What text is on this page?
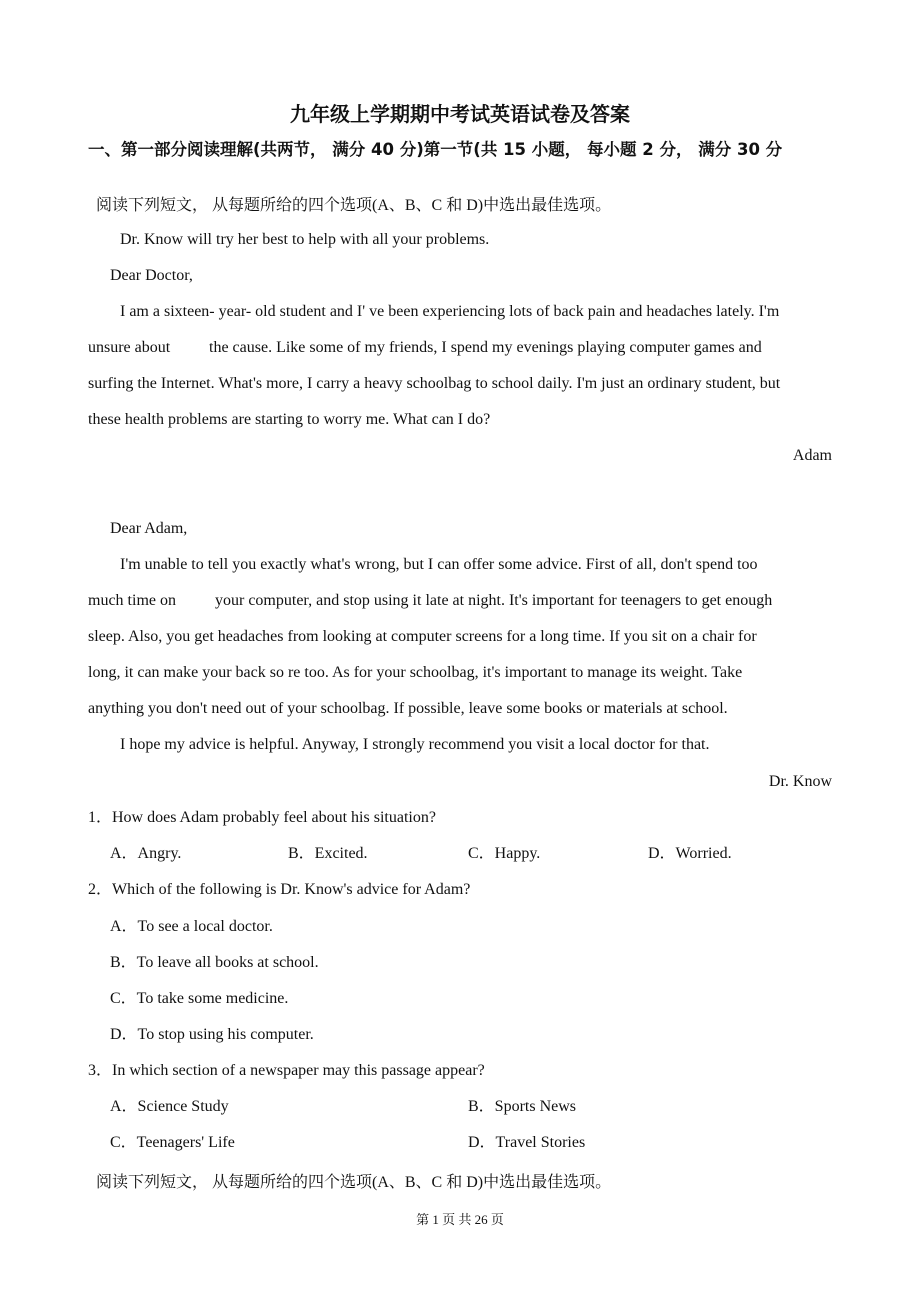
九年级上学期期中考试英语试卷及答案
一、第一部分阅读理解(共两节， 满分 40 分)第一节(共 15 小题， 每小题 2 分， 满分 30 分
阅读下列短文， 从每题所给的四个选项(A、B、C 和 D)中选出最佳选项。
Dr. Know will try her best to help with all your problems.
Dear Doctor,
I am a sixteen- year- old student and I' ve been experiencing lots of back pain and headaches lately. I'm
unsure about the cause. Like some of my friends, I spend my evenings playing computer games and
surfing the Internet. What's more, I carry a heavy schoolbag to school daily. I'm just an ordinary student, but
these health problems are starting to worry me. What can I do?
Adam
Dear Adam,
I'm unable to tell you exactly what's wrong, but I can offer some advice. First of all, don't spend too
much time on your computer, and stop using it late at night. It's important for teenagers to get enough
sleep. Also, you get headaches from looking at computer screens for a long time. If you sit on a chair for
long, it can make your back so re too. As for your schoolbag, it's important to manage its weight. Take
anything you don't need out of your schoolbag. If possible, leave some books or materials at school.
I hope my advice is helpful. Anyway, I strongly recommend you visit a local doctor for that.
Dr. Know
1．How does Adam probably feel about his situation?
A．Angry.	B．Excited.	C．Happy.	D．Worried.
2．Which of the following is Dr. Know's advice for Adam?
A．To see a local doctor.
B．To leave all books at school.
C．To take some medicine.
D．To stop using his computer.
3．In which section of a newspaper may this passage appear?
A．Science Study	B．Sports News
C．Teenagers' Life	D．Travel Stories
阅读下列短文， 从每题所给的四个选项(A、B、C 和 D)中选出最佳选项。
第 1 页 共 26 页
